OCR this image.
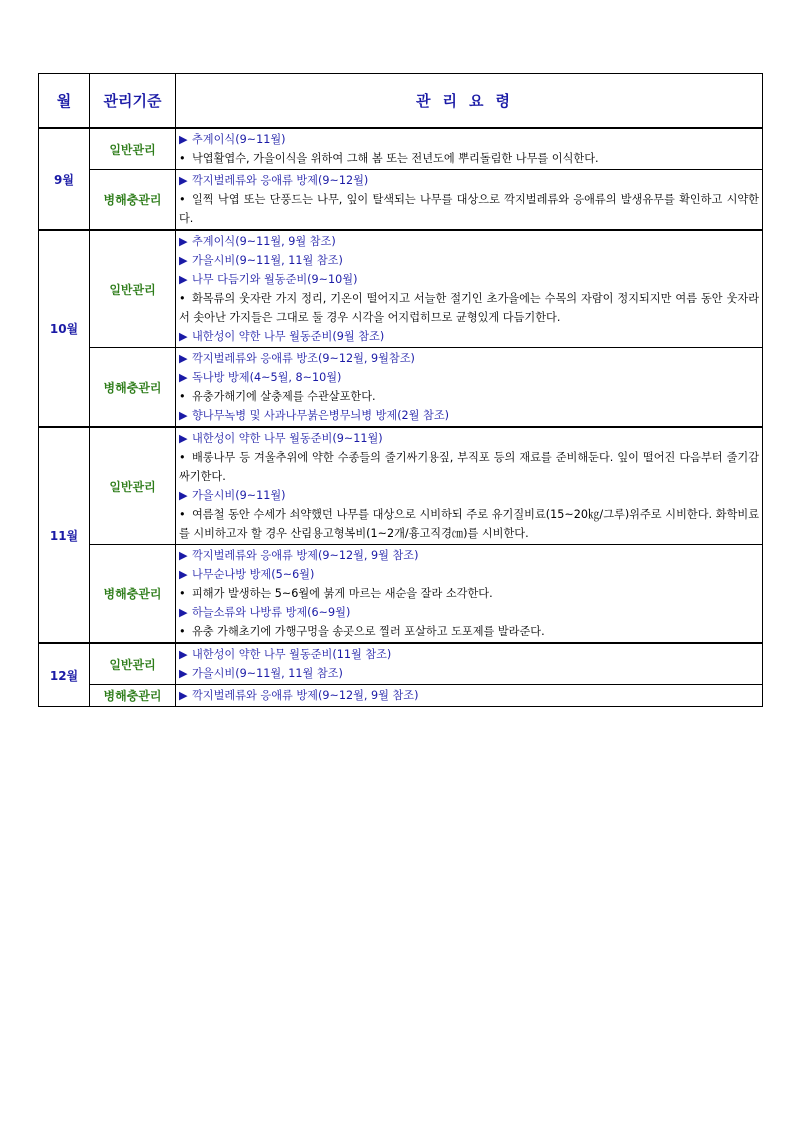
월	관리기준	관리요령
9월	일반관리	▶ 추계이식(9~11월)
• 낙엽활엽수, 가을이식을 위하여 그해 봄 또는 전년도에 뿌리돌림한 나무를 이식한다.

	병해충관리	▶ 깍지벌레류와 응애류 방제(9~12월)
• 일찍 낙엽 또는 단풍드는 나무, 잎이 탈색되는 나무를 대상으로 깍지벌레류와 응애류의 발생유무를 확인하고 시약한다.

10월	일반관리	▶ 추계이식(9~11월, 9월 참조)
▶ 가을시비(9~11월, 11월 참조)
▶ 나무 다듬기와 월동준비(9~10월)
• 화목류의 웃자란 가지 정리, 기온이 떨어지고 서늘한 절기인 초가을에는 수목의 자람이 정지되지만 여름 동안 웃자라서 솟아난 가지들은 그대로 둘 경우 시각을 어지럽히므로 균형있게 다듬기한다.
▶ 내한성이 약한 나무 월동준비(9월 참조)

	병해충관리	▶ 깍지벌레류와 응애류 방조(9~12월, 9월참조)
▶ 독나방 방제(4~5월, 8~10월)
• 유충가해기에 살충제를 수관살포한다.
▶ 향나무녹병 및 사과나무붉은병무늬병 방제(2월 참조)

11월	일반관리	▶ 내한성이 약한 나무 월동준비(9~11월)
• 배롱나무 등 겨울추위에 약한 수종들의 줄기싸기용짚, 부직포 등의 재료를 준비해둔다. 잎이 떨어진 다음부터 줄기감싸기한다.
▶ 가을시비(9~11월)
• 여름철 동안 수세가 쇠약했던 나무를 대상으로 시비하되 주로 유기질비료(15~20㎏/그루)위주로 시비한다. 화학비료를 시비하고자 할 경우 산림용고형복비(1~2개/흉고직경㎝)를 시비한다.

	병해충관리	▶ 깍지벌레류와 응애류 방제(9~12월, 9월 참조)
▶ 나무순나방 방제(5~6월)
• 피해가 발생하는 5~6월에 붉게 마르는 새순을 잘라 소각한다.
▶ 하늘소류와 나방류 방제(6~9월)
• 유충 가해초기에 가행구멍을 송곳으로 찔러 포살하고 도포제를 발라준다.

12월	일반관리	▶ 내한성이 약한 나무 월동준비(11월 참조)
▶ 가을시비(9~11월, 11월 참조)

	병해충관리	▶ 깍지벌레류와 응애류 방제(9~12월, 9월 참조)
